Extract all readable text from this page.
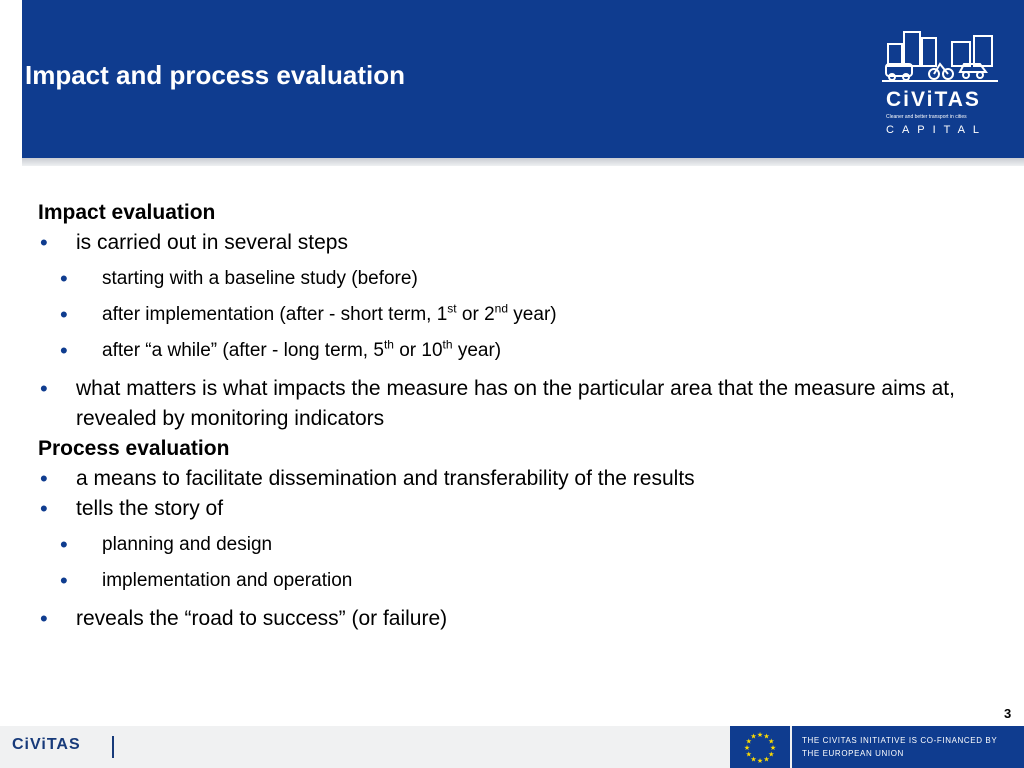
Impact and process evaluation
CiViTAS
Cleaner and better transport in cities
CAPITAL
Impact evaluation
• is carried out in several steps
• starting with a baseline study (before)
• after implementation (after - short term, 1st or 2nd year)
• after “a while” (after - long term, 5th or 10th year)
• what matters is what impacts the measure has on the particular area that the measure aims at, revealed by monitoring indicators
Process evaluation
• a means to facilitate dissemination and transferability of the results
• tells the story of
• planning and design
• implementation and operation
• reveals the “road to success” (or failure)
3
CiViTAS	★
★
★
★
★
★
★
★
★ ★ ★
★	THE CIVITAS INITIATIVE IS CO-FINANCED BY
THE EUROPEAN UNION
